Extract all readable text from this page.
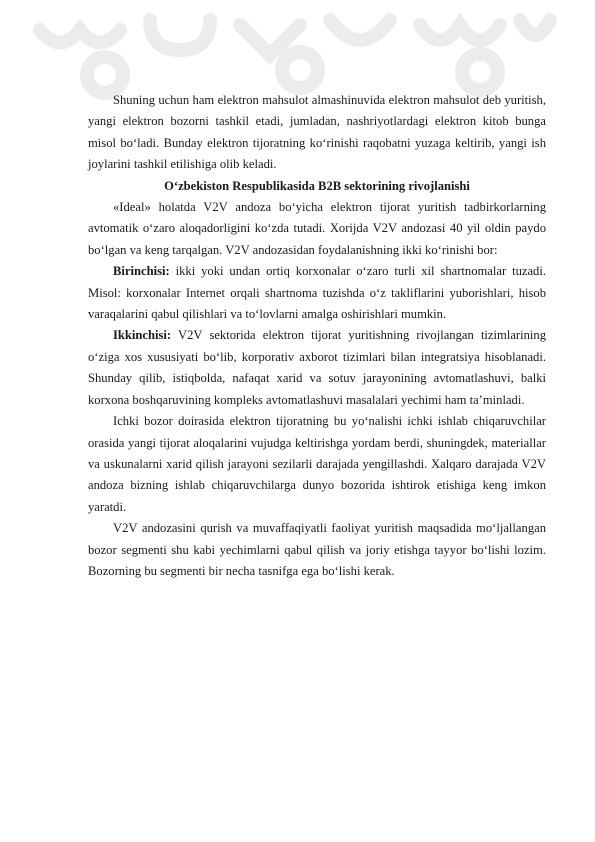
Shuning uchun ham elektron mahsulot almashinuvida elektron mahsulot deb yuritish, yangi elektron bozorni tashkil etadi, jumladan, nashriyotlardagi elektron kitob bunga misol bo‘ladi. Bunday elektron tijoratning ko‘rinishi raqobatni yuzaga keltirib, yangi ish joylarini tashkil etilishiga olib keladi.

O‘zbekiston Respublikasida B2B sektorining rivojlanishi

«Ideal» holatda V2V andoza bo‘yicha elektron tijorat yuritish tadbirkorlarning avtomatik o‘zaro aloqadorligini ko‘zda tutadi. Xorijda V2V andozasi 40 yil oldin paydo bo‘lgan va keng tarqalgan. V2V andozasidan foydalanishning ikki ko‘rinishi bor:

Birinchisi: ikki yoki undan ortiq korxonalar o‘zaro turli xil shartnomalar tuzadi. Misol: korxonalar Internet orqali shartnoma tuzishda o‘z takliflarini yuborishlari, hisob varaqalarini qabul qilishlari va to‘lovlarni amalga oshirishlari mumkin.

Ikkinchisi: V2V sektorida elektron tijorat yuritishning rivojlangan tizimlarining o‘ziga xos xususiyati bo‘lib, korporativ axborot tizimlari bilan integratsiya hisoblanadi. Shunday qilib, istiqbolda, nafaqat xarid va sotuv jarayonining avtomatlashuvi, balki korxona boshqaruvining kompleks avtomatlashuvi masalalari yechimi ham ta’minladi.

Ichki bozor doirasida elektron tijoratning bu yo‘nalishi ichki ishlab chiqaruvchilar orasida yangi tijorat aloqalarini vujudga keltirishga yordam berdi, shuningdek, materiallar va uskunalarni xarid qilish jarayoni sezilarli darajada yengillashdi. Xalqaro darajada V2V andoza bizning ishlab chiqaruvchilarga dunyo bozorida ishtirok etishiga keng imkon yaratdi.

V2V andozasini qurish va muvaffaqiyatli faoliyat yuritish maqsadida mo‘ljallangan bozor segmenti shu kabi yechimlarni qabul qilish va joriy etishga tayyor bo‘lishi lozim. Bozorning bu segmenti bir necha tasnifga ega bo‘lishi kerak.
